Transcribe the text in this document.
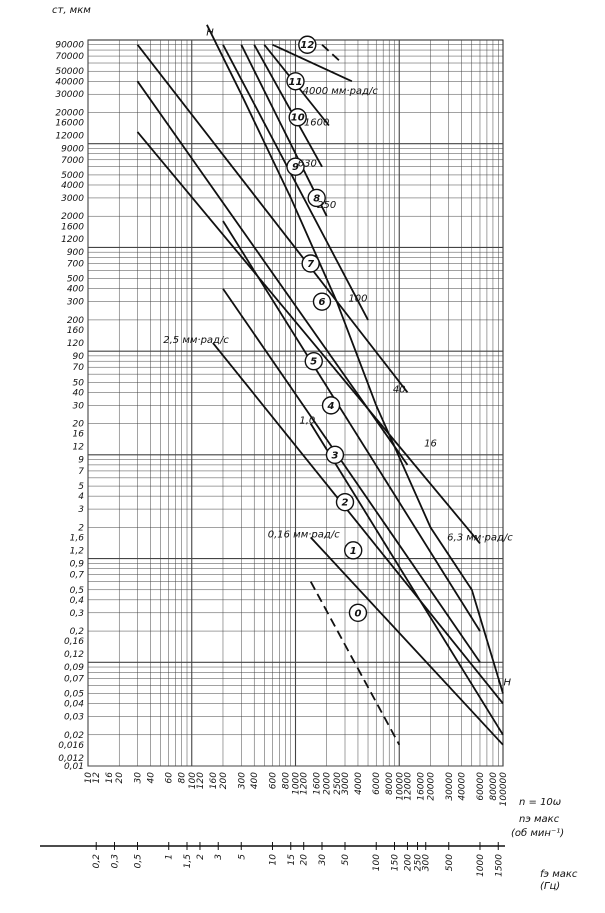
0
1
2
3
4
5
6
7
8
9
10
11
12
0,16 мм·рад/с
1,0
2,5 мм·рад/с
6,3 мм·рад/с
16
40
100
250
630
1600
4000 мм·рад/с
H
H
90000
70000
50000
40000
30000
20000
16000
12000
9000
7000
5000
4000
3000
2000
1600
1200
900
700
500
400
300
200
160
120
90
70
50
40
30
20
16
12
9
7
5
4
3
2
1,6
1,2
0,9
0,7
0,5
0,4
0,3
0,2
0,16
0,12
0,09
0,07
0,05
0,04
0,03
0,02
0,016
0,012
0,01
10
12 16 20 30 40 60 80 100
120 160 200 300 400 600 800 1000
1200 1600 2000 2500
3000 4000 6000 8000 10000
12000 16000 20000 30000 40000 60000 80000 100000
0,2 0,3 0,5 1 1,5 2 3 5 10 15 20 30 50 100 150 200 250
300 500 1000 1500
ст, мкм
n = 10ω
nэ макс
(об мин⁻¹)
fэ макс
(Гц)
